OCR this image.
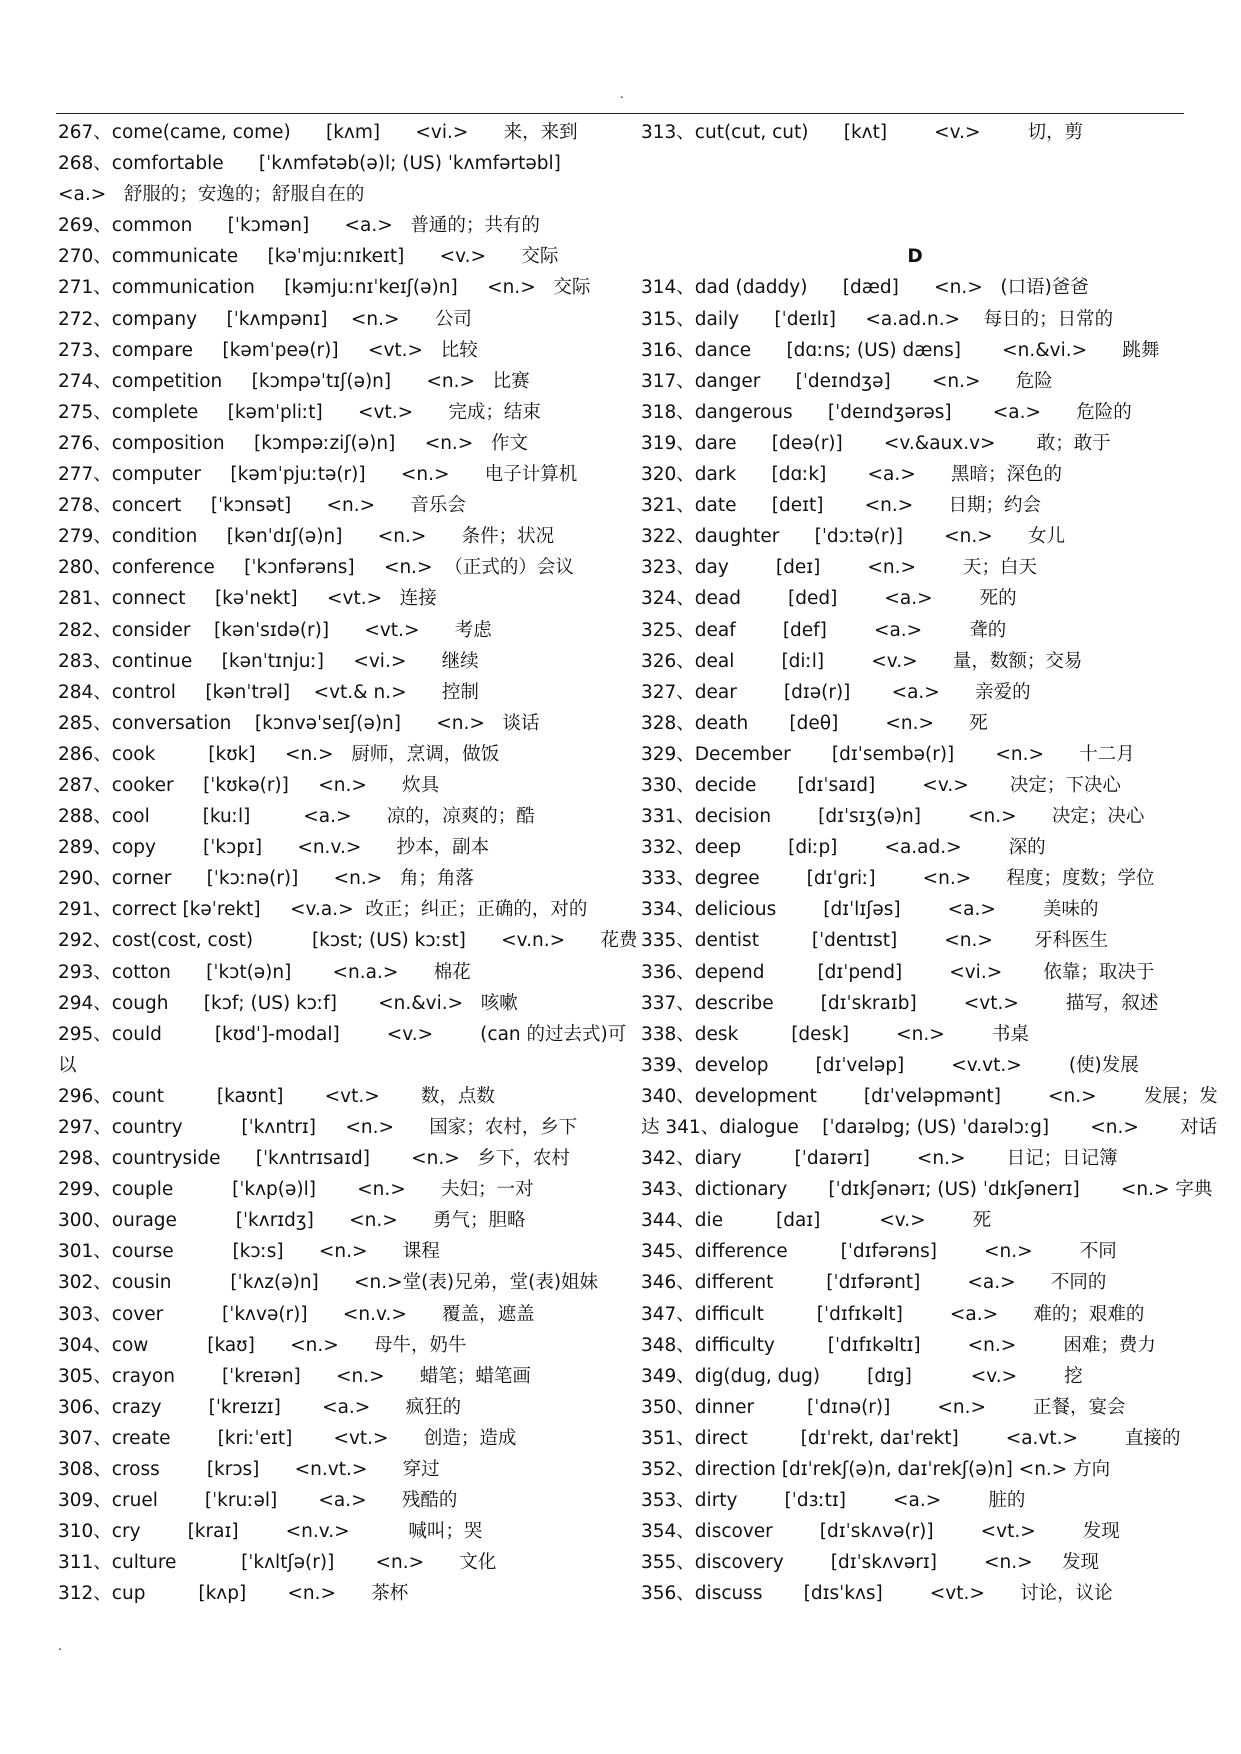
.
267、come(came, come)      [kʌm]      <vi.>      来，来到
268、comfortable      [ˈkʌmfətəb(ə)l; (US) ˈkʌmfərtəbl]
<a.>   舒服的；安逸的；舒服自在的
269、common      [ˈkɔmən]      <a.>   普通的；共有的
270、communicate     [kəˈmjuːnɪkeɪt]      <v.>      交际
271、communication     [kəmjuːnɪˈkeɪʃ(ə)n]     <n.>   交际
272、company     [ˈkʌmpənɪ]    <n.>      公司
273、compare     [kəmˈpeə(r)]     <vt.>   比较
274、competition     [kɔmpəˈtɪʃ(ə)n]      <n.>   比赛
275、complete     [kəmˈpliːt]      <vt.>      完成；结束
276、composition     [kɔmpəːziʃ(ə)n]     <n.>   作文
277、computer     [kəmˈpjuːtə(r)]      <n.>      电子计算机
278、concert     [ˈkɔnsət]      <n.>      音乐会
279、condition     [kənˈdɪʃ(ə)n]      <n.>      条件；状况
280、conference     [ˈkɔnfərəns]     <n.>  （正式的）会议
281、connect     [kəˈnekt]     <vt.>   连接
282、consider    [kənˈsɪdə(r)]      <vt.>      考虑
283、continue     [kənˈtɪnjuː]     <vi.>      继续
284、control     [kənˈtrəl]    <vt.& n.>      控制
285、conversation    [kɔnvəˈseɪʃ(ə)n]      <n.>   谈话
286、cook         [kʊk]     <n.>   厨师，烹调，做饭
287、cooker     [ˈkʊkə(r)]     <n.>      炊具
288、cool         [kuːl]         <a.>      凉的，凉爽的；酷
289、copy        [ˈkɔpɪ]      <n.v.>      抄本，副本
290、corner      [ˈkɔːnə(r)]      <n.>   角；角落
291、correct [kəˈrekt]     <v.a.>  改正；纠正；正确的，对的
292、cost(cost, cost)          [kɔst; (US) kɔːst]      <v.n.>      花费
293、cotton      [ˈkɔt(ə)n]       <n.a.>      棉花
294、cough      [kɔf; (US) kɔːf]       <n.&vi.>   咳嗽
295、could         [kʊdˈ]-modal]        <v.>        (can 的过去式)可
以
296、count         [kaʊnt]       <vt.>       数，点数
297、country          [ˈkʌntrɪ]     <n.>      国家；农村，乡下
298、countryside      [ˈkʌntrɪsaɪd]       <n.>   乡下，农村
299、couple          [ˈkʌp(ə)l]       <n.>      夫妇；一对
300、ourage          [ˈkʌrɪdʒ]      <n.>      勇气；胆略
301、course          [kɔːs]      <n.>      课程
302、cousin          [ˈkʌz(ə)n]      <n.>堂(表)兄弟，堂(表)姐妹
303、cover          [ˈkʌvə(r)]      <n.v.>      覆盖，遮盖
304、cow          [kaʊ]      <n.>      母牛，奶牛
305、crayon        [ˈkreɪən]      <n.>      蜡笔；蜡笔画
306、crazy        [ˈkreɪzɪ]       <a.>      疯狂的
307、create        [kriːˈeɪt]       <vt.>      创造；造成
308、cross        [krɔs]      <n.vt.>      穿过
309、cruel        [ˈkruːəl]       <a.>      残酷的
310、cry        [kraɪ]        <n.v.>          喊叫；哭
311、culture           [ˈkʌltʃə(r)]       <n.>      文化
312、cup         [kʌp]       <n.>      茶杯
313、cut(cut, cut)      [kʌt]        <v.>        切，剪
D
314、dad (daddy)      [dæd]      <n.>   (口语)爸爸
315、daily      [ˈdeɪlɪ]     <a.ad.n.>    每日的；日常的
316、dance      [dɑːns; (US) dæns]       <n.&vi.>      跳舞
317、danger      [ˈdeɪndʒə]       <n.>      危险
318、dangerous      [ˈdeɪndʒərəs]       <a.>      危险的
319、dare      [deə(r)]       <v.&aux.v>       敢；敢于
320、dark      [dɑːk]       <a.>      黑暗；深色的
321、date      [deɪt]       <n.>      日期；约会
322、daughter      [ˈdɔːtə(r)]       <n.>      女儿
323、day        [deɪ]        <n.>        天；白天
324、dead        [ded]        <a.>        死的
325、deaf        [def]        <a.>        聋的
326、deal        [diːl]        <v.>      量，数额；交易
327、dear        [dɪə(r)]       <a.>      亲爱的
328、death       [deθ]        <n.>      死
329、December       [dɪˈsembə(r)]       <n.>      十二月
330、decide       [dɪˈsaɪd]        <v.>       决定；下决心
331、decision        [dɪˈsɪʒ(ə)n]        <n.>      决定；决心
332、deep        [diːp]        <a.ad.>        深的
333、degree        [dɪˈgriː]        <n.>      程度；度数；学位
334、delicious        [dɪˈlɪʃəs]        <a.>        美味的
335、dentist         [ˈdentɪst]        <n.>       牙科医生
336、depend         [dɪˈpend]        <vi.>       依靠；取决于
337、describe        [dɪˈskraɪb]        <vt.>        描写，叙述
338、desk         [desk]        <n.>        书桌
339、develop        [dɪˈveləp]        <v.vt.>        (使)发展
340、development        [dɪˈveləpmənt]        <n.>        发展；发
达 341、dialogue    [ˈdaɪəlɒg; (US) ˈdaɪəlɔːg]       <n.>       对话
342、diary         [ˈdaɪərɪ]        <n.>       日记；日记簿
343、dictionary       [ˈdɪkʃənərɪ; (US) ˈdɪkʃənerɪ]       <n.> 字典
344、die         [daɪ]          <v.>        死
345、difference         [ˈdɪfərəns]        <n.>        不同
346、different         [ˈdɪfərənt]        <a.>      不同的
347、difficult         [ˈdɪfɪkəlt]        <a.>      难的；艰难的
348、difficulty         [ˈdɪfɪkəltɪ]        <n.>        困难；费力
349、dig(dug, dug)        [dɪg]          <v.>        挖
350、dinner         [ˈdɪnə(r)]        <n.>        正餐，宴会
351、direct         [dɪˈrekt, daɪˈrekt]        <a.vt.>        直接的
352、direction [dɪˈrekʃ(ə)n, daɪˈrekʃ(ə)n] <n.> 方向
353、dirty        [ˈdɜːtɪ]        <a.>        脏的
354、discover        [dɪˈskʌvə(r)]        <vt.>        发现
355、discovery        [dɪˈskʌvərɪ]        <n.>     发现
356、discuss       [dɪsˈkʌs]        <vt.>      讨论，议论
.
